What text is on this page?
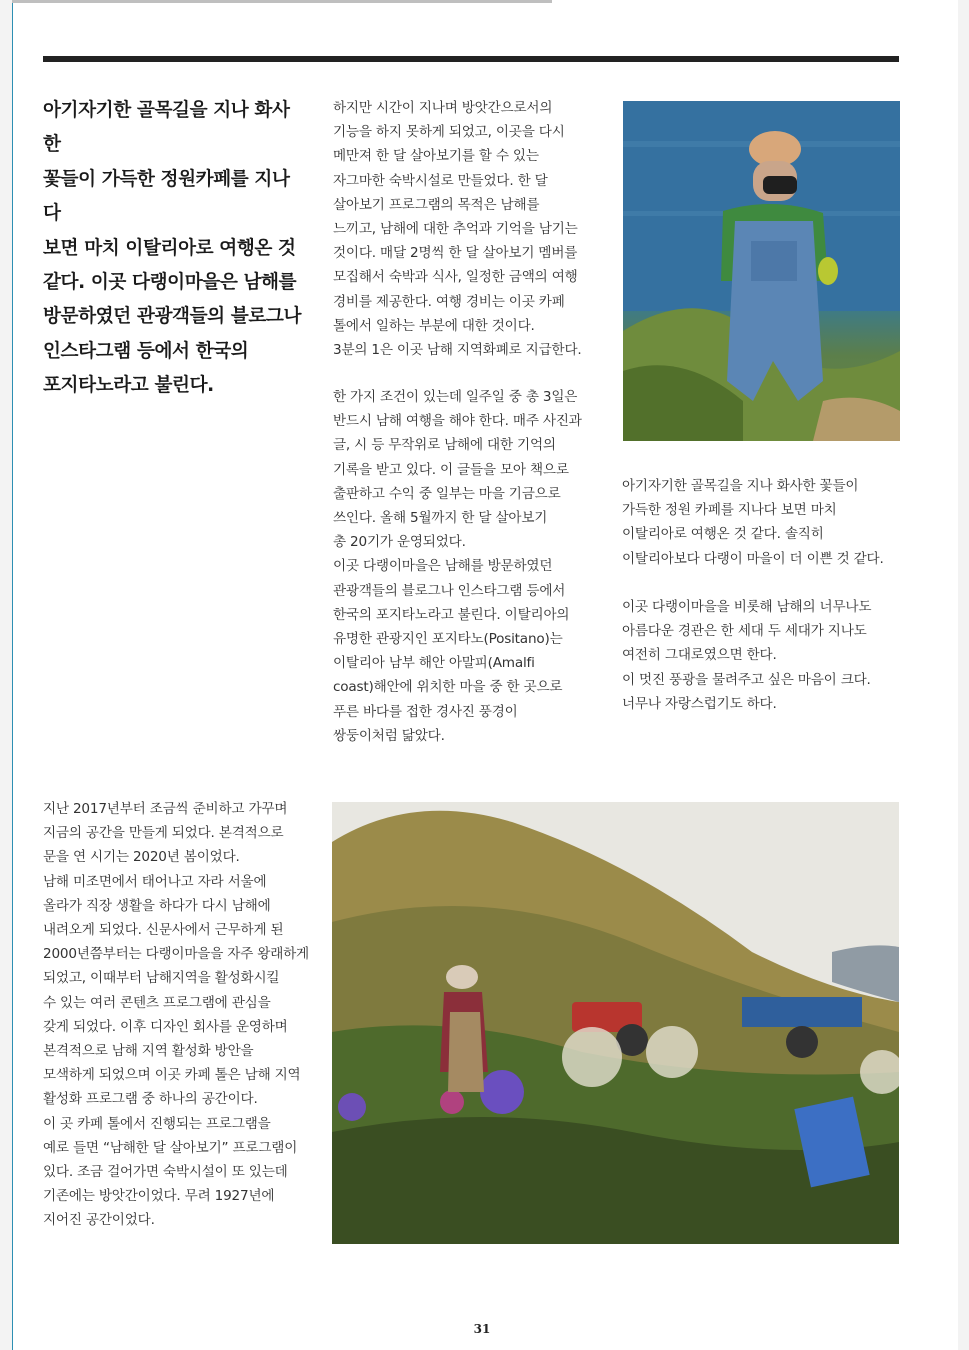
아기자기한 골목길을 지나 화사한
꽃들이 가득한 정원카페를 지나다
보면 마치 이탈리아로 여행온 것
같다. 이곳 다랭이마을은 남해를
방문하였던 관광객들의 블로그나
인스타그램 등에서 한국의
포지타노라고 불린다.
하지만 시간이 지나며 방앗간으로서의
기능을 하지 못하게 되었고, 이곳을 다시
메만져 한 달 살아보기를 할 수 있는
자그마한 숙박시설로 만들었다. 한 달
살아보기 프로그램의 목적은 남해를
느끼고, 남해에 대한 추억과 기억을 남기는
것이다. 매달 2명씩 한 달 살아보기 멤버를
모집해서 숙박과 식사, 일정한 금액의 여행
경비를 제공한다. 여행 경비는 이곳 카페
톨에서 일하는 부분에 대한 것이다.
3분의 1은 이곳 남해 지역화폐로 지급한다.
한 가지 조건이 있는데 일주일 중 총 3일은
반드시 남해 여행을 해야 한다. 매주 사진과
글, 시 등 무작위로 남해에 대한 기억의
기록을 받고 있다. 이 글들을 모아 책으로
출판하고 수익 중 일부는 마을 기금으로
쓰인다. 올해 5월까지 한 달 살아보기
총 20기가 운영되었다.
이곳 다랭이마을은 남해를 방문하였던
관광객들의 블로그나 인스타그램 등에서
한국의 포지타노라고 불린다. 이탈리아의
유명한 관광지인 포지타노(Positano)는
이탈리아 남부 해안 아말피(Amalfi
coast)해안에 위치한 마을 중 한 곳으로
푸른 바다를 접한 경사진 풍경이
쌍둥이처럼 닮았다.
아기자기한 골목길을 지나 화사한 꽃들이
가득한 정원 카페를 지나다 보면 마치
이탈리아로 여행온 것 같다. 솔직히
이탈리아보다 다랭이 마을이 더 이쁜 것 같다.
이곳 다랭이마을을 비롯해 남해의 너무나도
아름다운 경관은 한 세대 두 세대가 지나도
여전히 그대로였으면 한다.
이 멋진 풍광을 물려주고 싶은 마음이 크다.
너무나 자랑스럽기도 하다.
지난 2017년부터 조금씩 준비하고 가꾸며
지금의 공간을 만들게 되었다. 본격적으로
문을 연 시기는 2020년 봄이었다.
남해 미조면에서 태어나고 자라 서울에
올라가 직장 생활을 하다가 다시 남해에
내려오게 되었다. 신문사에서 근무하게 된
2000년쯤부터는 다랭이마을을 자주 왕래하게
되었고, 이때부터 남해지역을 활성화시킬
수 있는 여러 콘텐츠 프로그램에 관심을
갖게 되었다. 이후 디자인 회사를 운영하며
본격적으로 남해 지역 활성화 방안을
모색하게 되었으며 이곳 카페 톨은 남해 지역
활성화 프로그램 중 하나의 공간이다.
이 곳 카페 톨에서 진행되는 프로그램을
예로 들면 “남해한 달 살아보기” 프로그램이
있다. 조금 걸어가면 숙박시설이 또 있는데
기존에는 방앗간이었다. 무려 1927년에
지어진 공간이었다.
31
